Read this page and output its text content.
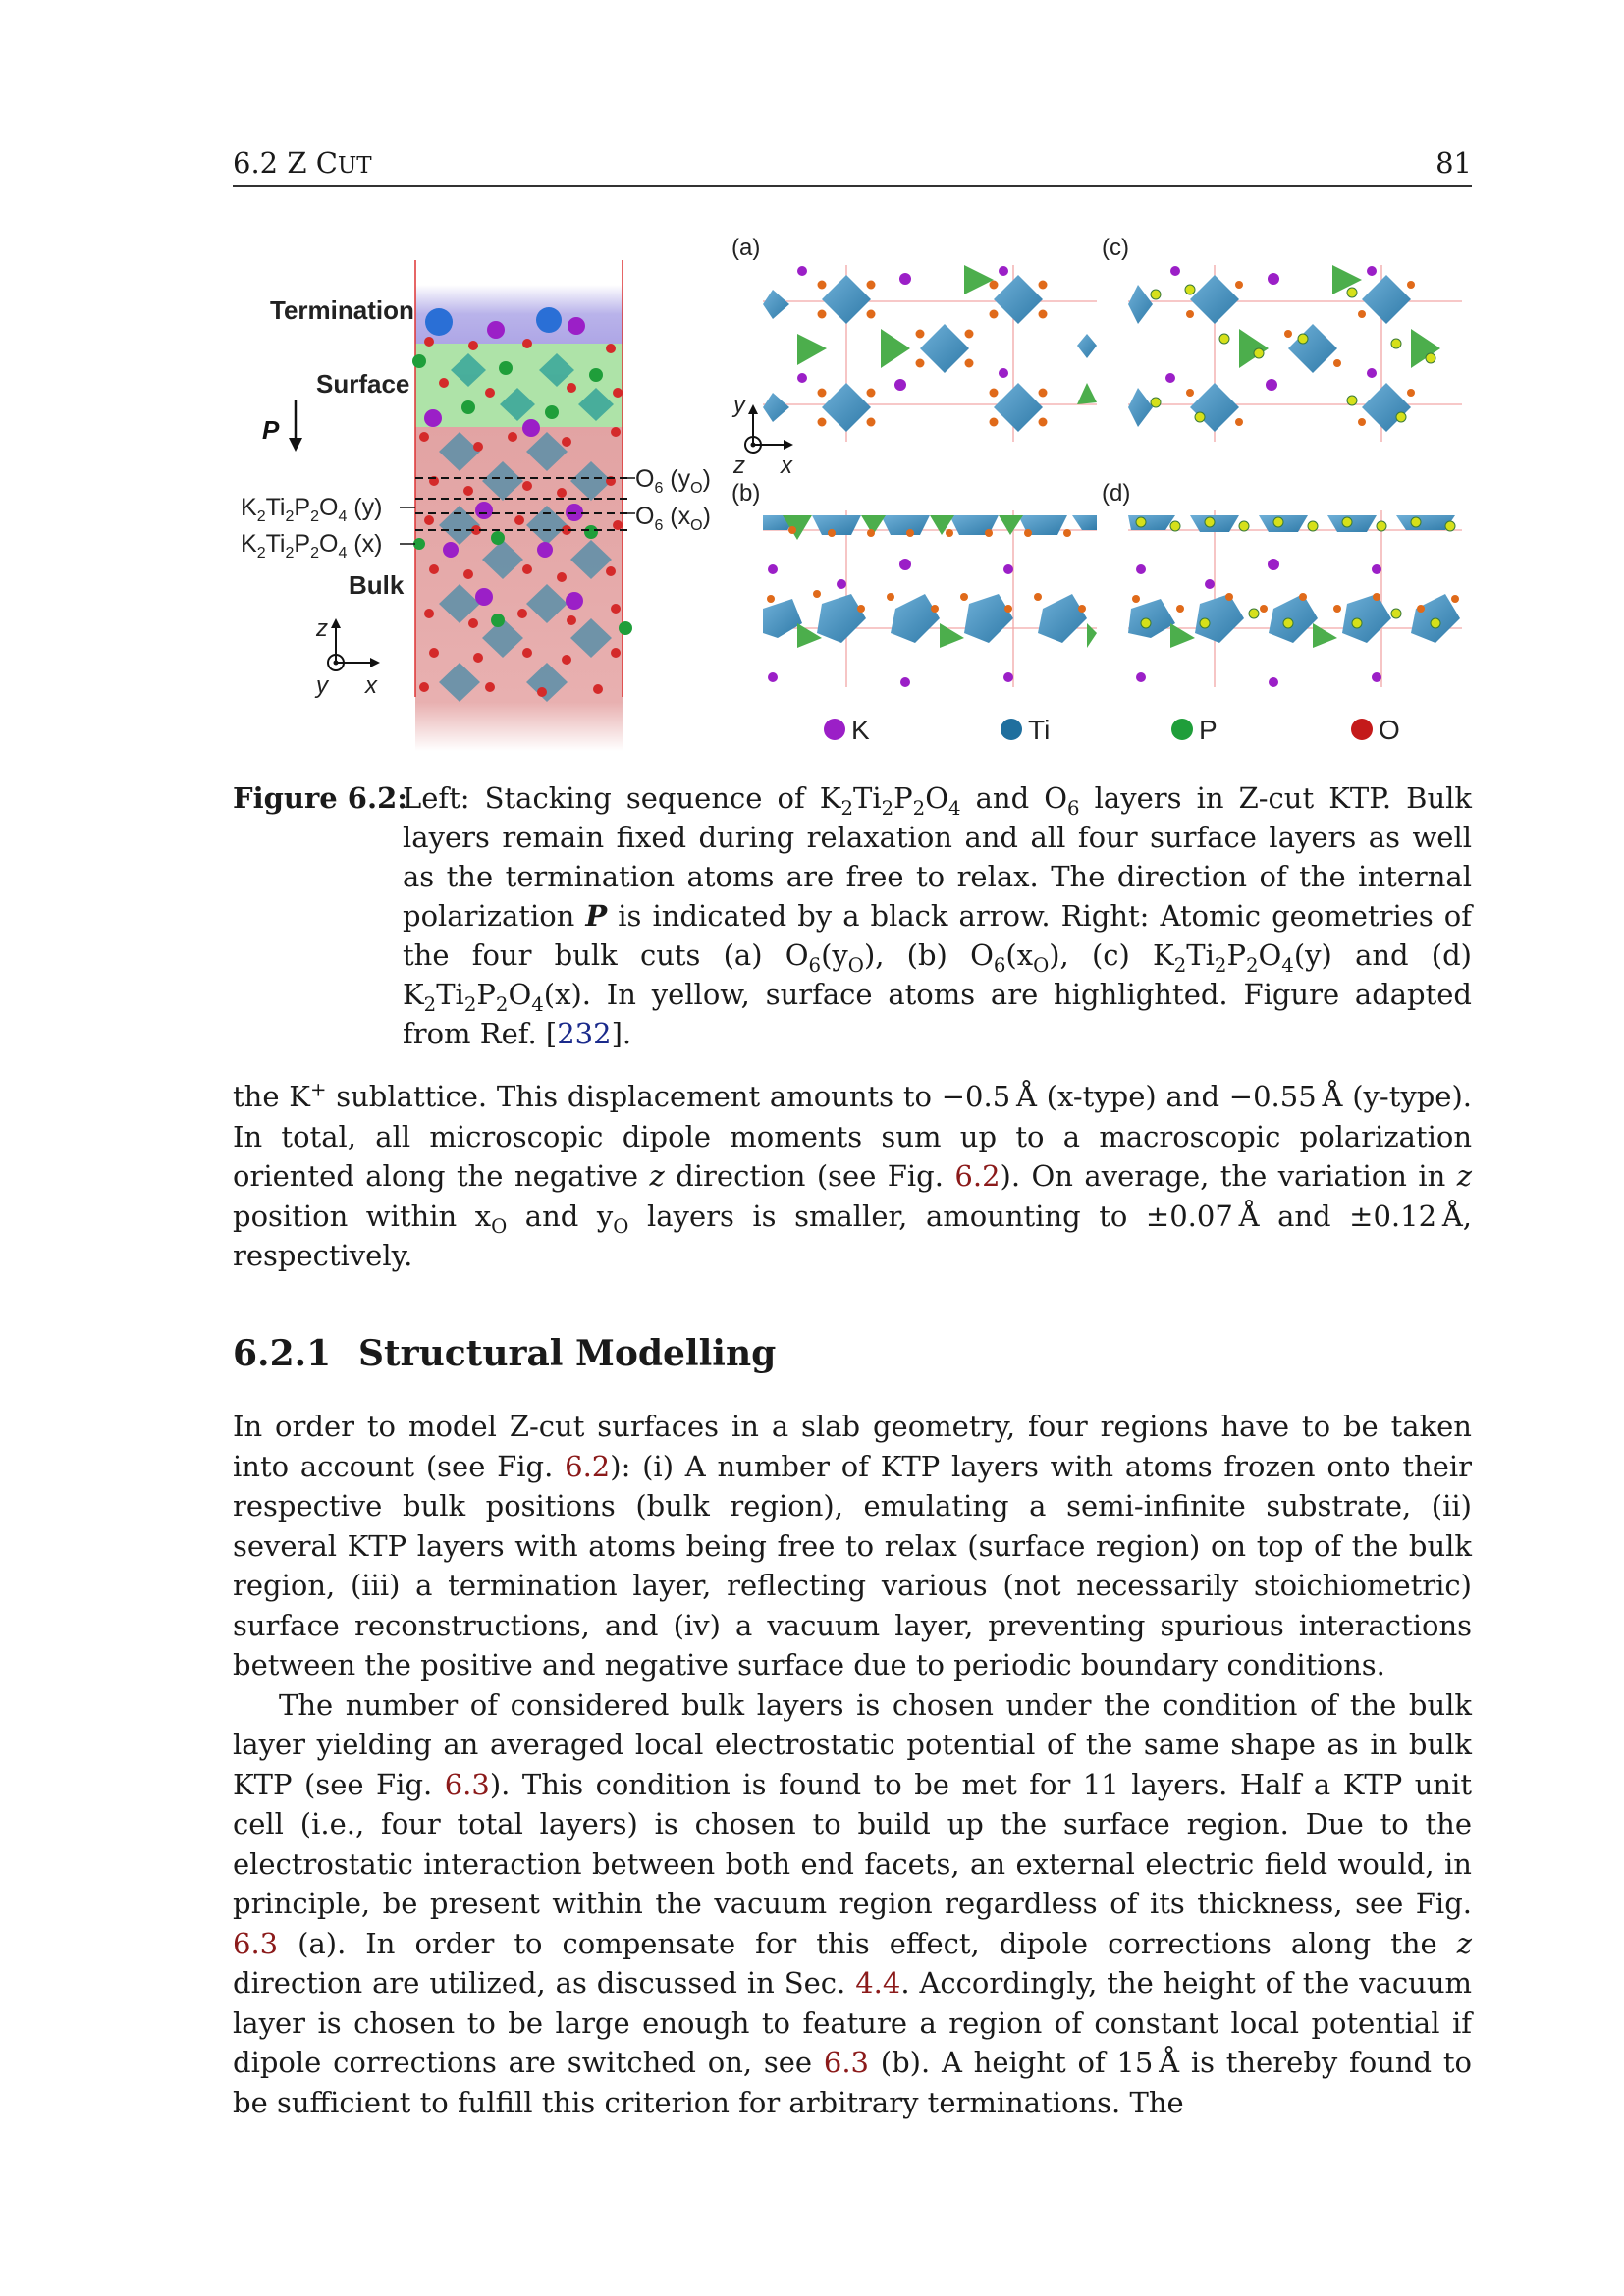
6.2 Z CUT	81
Termination
Surface
P
$K_2Ti_2P_2O_4$ (y)
$K_2Ti_2P_2O_4$ (x)
Bulk
$O_6$ $(y_O)$
$O_6$ $(x_O)$
z
y x
(a)	(c)
(b)	(d)
y
z x
K	Ti	P	O
Figure 6.2:
Left: Stacking sequence of $K_2Ti_2P_2O_4$ and $O_6$ layers in Z-cut KTP. Bulk layers remain fixed during relaxation and all four surface layers as well as the termination atoms are free to relax. The direction of the internal polarization P is indicated by a black arrow. Right: Atomic geometries of the four bulk cuts (a) $O_6(y_O)$, (b) $O_6(x_O)$, (c) $K_2Ti_2P_2O_4(y)$ and (d) $K_2Ti_2P_2O_4(x)$. In yellow, surface atoms are highlighted. Figure adapted from Ref. [232].

the K+ sublattice. This displacement amounts to −0.5 Å (x-type) and −0.55 Å (y-type). In total, all microscopic dipole moments sum up to a macroscopic polarization oriented along the negative z direction (see Fig. 6.2). On average, the variation in z position within $x_O$ and $y_O$ layers is smaller, amounting to ±0.07 Å and ±0.12 Å, respectively.

6.2.1 Structural Modelling

In order to model Z-cut surfaces in a slab geometry, four regions have to be taken into account (see Fig. 6.2): (i) A number of KTP layers with atoms frozen onto their respective bulk positions (bulk region), emulating a semi-infinite substrate, (ii) several KTP layers with atoms being free to relax (surface region) on top of the bulk region, (iii) a termination layer, reflecting various (not necessarily stoichiometric) surface reconstructions, and (iv) a vacuum layer, preventing spurious interactions between the positive and negative surface due to periodic boundary conditions.

The number of considered bulk layers is chosen under the condition of the bulk layer yielding an averaged local electrostatic potential of the same shape as in bulk KTP (see Fig. 6.3). This condition is found to be met for 11 layers. Half a KTP unit cell (i.e., four total layers) is chosen to build up the surface region. Due to the electrostatic interaction between both end facets, an external electric field would, in principle, be present within the vacuum region regardless of its thickness, see Fig. 6.3 (a). In order to compensate for this effect, dipole corrections along the z direction are utilized, as discussed in Sec. 4.4. Accordingly, the height of the vacuum layer is chosen to be large enough to feature a region of constant local potential if dipole corrections are switched on, see 6.3 (b). A height of 15 Å is thereby found to be sufficient to fulfill this criterion for arbitrary terminations. The
